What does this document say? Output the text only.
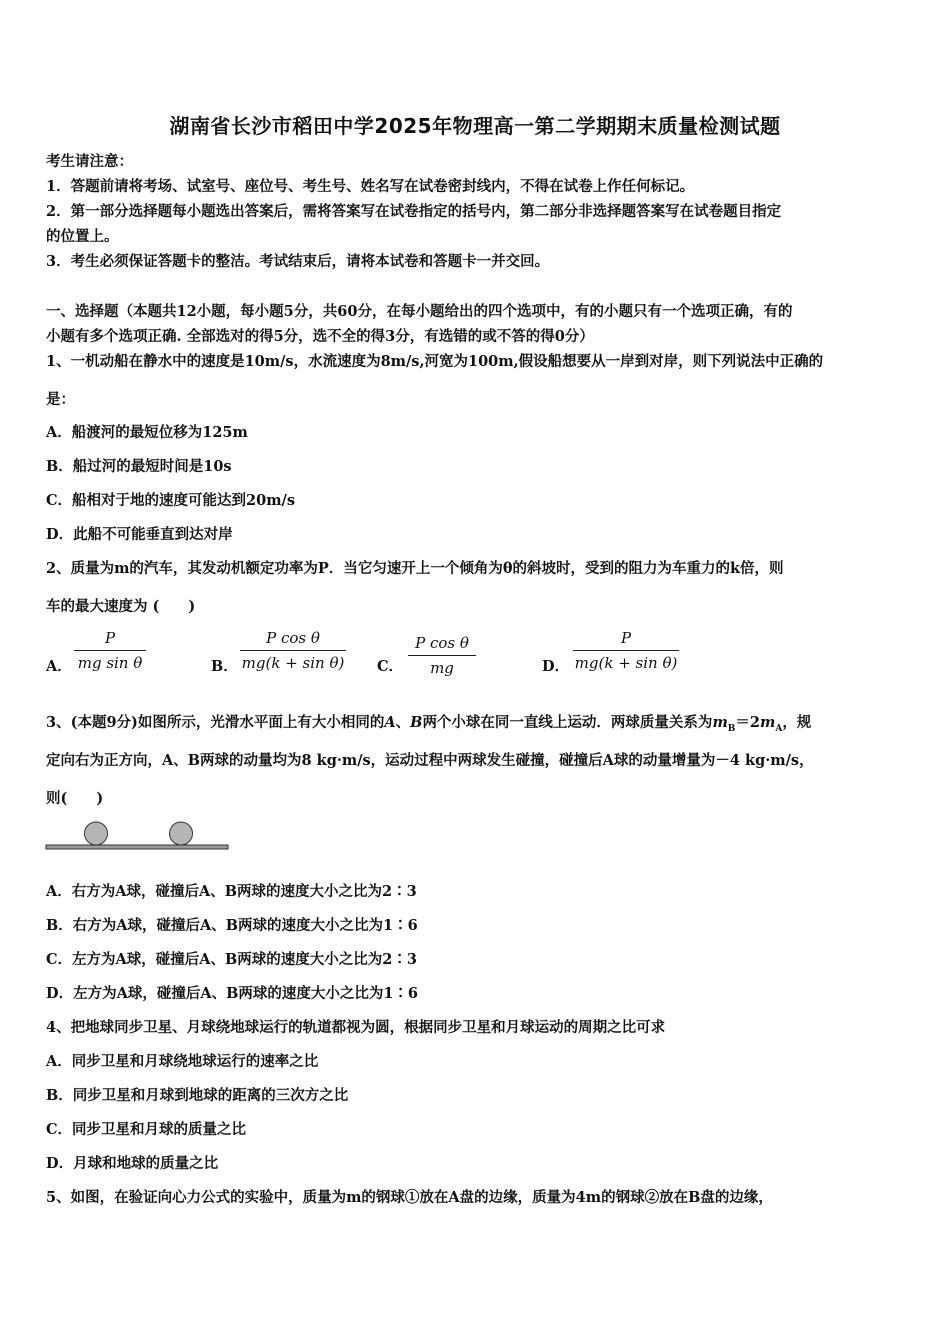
湖南省长沙市稻田中学2025年物理高一第二学期期末质量检测试题
考生请注意：
1．答题前请将考场、试室号、座位号、考生号、姓名写在试卷密封线内，不得在试卷上作任何标记。
2．第一部分选择题每小题选出答案后，需将答案写在试卷指定的括号内，第二部分非选择题答案写在试卷题目指定
的位置上。
3．考生必须保证答题卡的整洁。考试结束后，请将本试卷和答题卡一并交回。
一、选择题（本题共12小题，每小题5分，共60分，在每小题给出的四个选项中，有的小题只有一个选项正确，有的
小题有多个选项正确. 全部选对的得5分，选不全的得3分，有选错的或不答的得0分）
1、一机动船在静水中的速度是10m/s，水流速度为8m/s,河宽为100m,假设船想要从一岸到对岸，则下列说法中正确的
是：
A．船渡河的最短位移为125m
B．船过河的最短时间是10s
C．船相对于地的速度可能达到20m/s
D．此船不可能垂直到达对岸
2、质量为m的汽车，其发动机额定功率为P．当它匀速开上一个倾角为θ的斜坡时，受到的阻力为车重力的k倍，则
车的最大速度为 (　　)
A．
P
mg sin θ	B．
P cos θ
mg(k + sin θ) C．
P cos θ
mg	D．
P
mg(k + sin θ)
3、(本题9分)如图所示，光滑水平面上有大小相同的A、B两个小球在同一直线上运动．两球质量关系为$m_B=2m_A$，规
定向右为正方向，A、B两球的动量均为8 kg·m/s，运动过程中两球发生碰撞，碰撞后A球的动量增量为－4 kg·m/s，
则(　　)
A．右方为A球，碰撞后A、B两球的速度大小之比为2∶3
B．右方为A球，碰撞后A、B两球的速度大小之比为1∶6
C．左方为A球，碰撞后A、B两球的速度大小之比为2∶3
D．左方为A球，碰撞后A、B两球的速度大小之比为1∶6
4、把地球同步卫星、月球绕地球运行的轨道都视为圆，根据同步卫星和月球运动的周期之比可求
A．同步卫星和月球绕地球运行的速率之比
B．同步卫星和月球到地球的距离的三次方之比
C．同步卫星和月球的质量之比
D．月球和地球的质量之比
5、如图，在验证向心力公式的实验中，质量为m的钢球①放在A盘的边缘，质量为4m的钢球②放在B盘的边缘，
